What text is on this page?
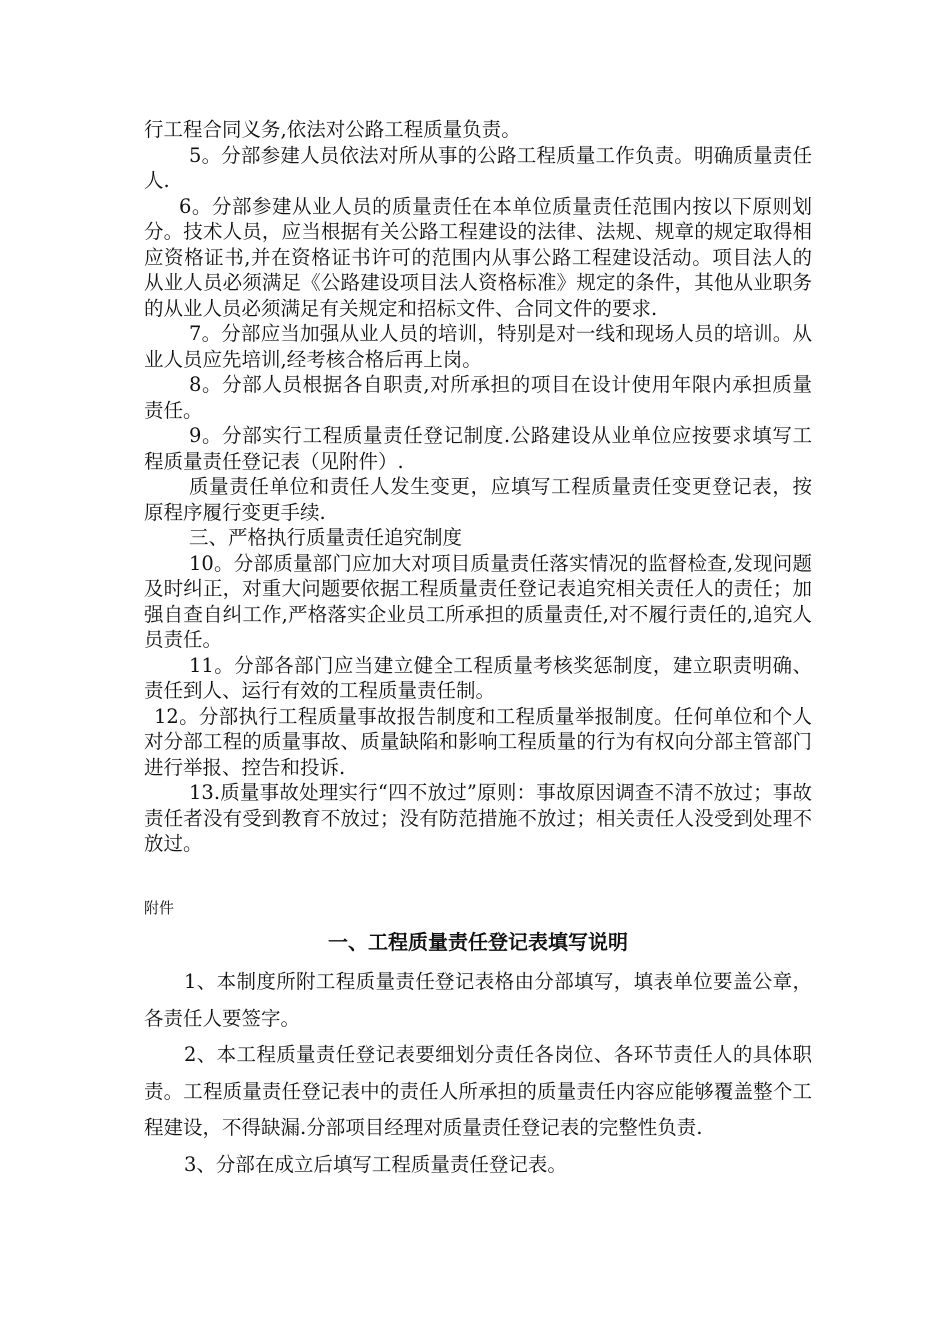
行工程合同义务,依法对公路工程质量负责。

5。分部参建人员依法对所从事的公路工程质量工作负责。明确质量责任人.

6。分部参建从业人员的质量责任在本单位质量责任范围内按以下原则划分。技术人员，应当根据有关公路工程建设的法律、法规、规章的规定取得相应资格证书,并在资格证书许可的范围内从事公路工程建设活动。项目法人的从业人员必须满足《公路建设项目法人资格标准》规定的条件，其他从业职务的从业人员必须满足有关规定和招标文件、合同文件的要求.

7。分部应当加强从业人员的培训，特别是对一线和现场人员的培训。从业人员应先培训,经考核合格后再上岗。

8。分部人员根据各自职责,对所承担的项目在设计使用年限内承担质量责任。

9。分部实行工程质量责任登记制度.公路建设从业单位应按要求填写工程质量责任登记表（见附件）.

质量责任单位和责任人发生变更，应填写工程质量责任变更登记表，按原程序履行变更手续.

三、严格执行质量责任追究制度

10。分部质量部门应加大对项目质量责任落实情况的监督检查,发现问题及时纠正，对重大问题要依据工程质量责任登记表追究相关责任人的责任；加强自查自纠工作,严格落实企业员工所承担的质量责任,对不履行责任的,追究人员责任。

11。分部各部门应当建立健全工程质量考核奖惩制度，建立职责明确、责任到人、运行有效的工程质量责任制。

12。分部执行工程质量事故报告制度和工程质量举报制度。任何单位和个人对分部工程的质量事故、质量缺陷和影响工程质量的行为有权向分部主管部门进行举报、控告和投诉.

13.质量事故处理实行“四不放过”原则：事故原因调查不清不放过；事故责任者没有受到教育不放过；没有防范措施不放过；相关责任人没受到处理不放过。

附件
一、工程质量责任登记表填写说明

1、本制度所附工程质量责任登记表格由分部填写，填表单位要盖公章，各责任人要签字。

2、本工程质量责任登记表要细划分责任各岗位、各环节责任人的具体职责。工程质量责任登记表中的责任人所承担的质量责任内容应能够覆盖整个工程建设，不得缺漏.分部项目经理对质量责任登记表的完整性负责.

3、分部在成立后填写工程质量责任登记表。
